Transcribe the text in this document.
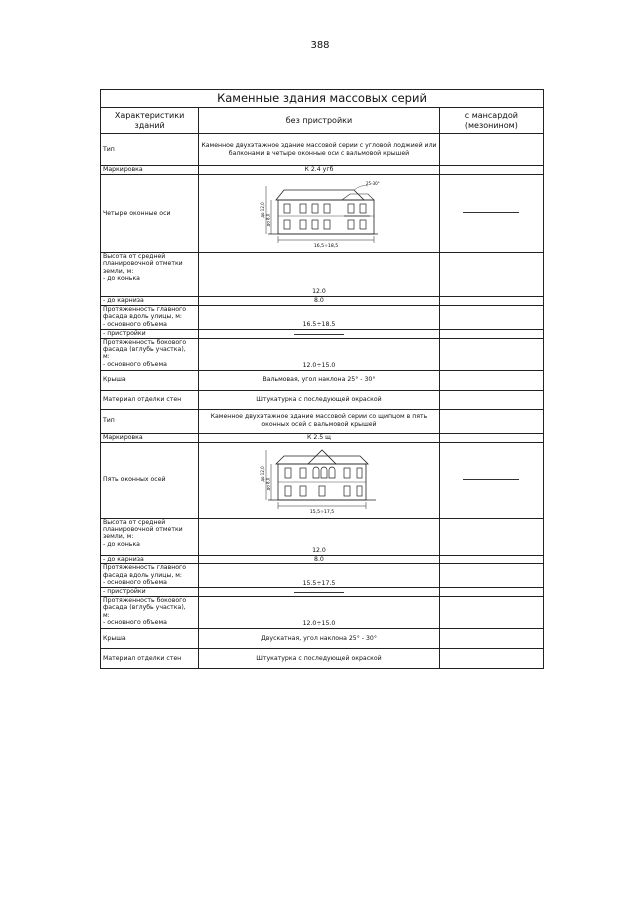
388
Каменные здания массовых серий		
Характеристики зданий	без пристройки	с мансардой (мезонином)
Тип	Каменное двухэтажное здание массовой серии с угловой лоджией или балконами в четыре оконные оси с вальмовой крышей	
Маркировка	К 2.4 угб	
Четыре оконные оси	16,5÷18,5
до 12,0
до 8,0
25-30°	

Высота от средней
планировочной отметки
земли, м:
- до конька	12.0	
- до карниза	8.0	

Протяженность главного
фасада вдоль улицы, м:
- основного объема	16.5÷18.5	
- пристройки		

Протяженность бокового
фасада (вглубь участка),
м:
- основного объема	12.0÷15.0	
Крыша	Вальмовая, угол наклона 25° - 30°	
Материал отделки стен	Штукатурка с последующей окраской	
Тип	Каменное двухэтажное здание массовой серии со щипцом в пять оконных осей с вальмовой крышей	
Маркировка	К 2.5 щ	
Пять оконных осей	15,5÷17,5
до 12,0
до 8,0	

Высота от средней
планировочной отметки
земли, м:
- до конька	12.0	
- до карниза	8.0	

Протяженность главного
фасада вдоль улицы, м:
- основного объема	15.5÷17.5	
- пристройки		

Протяженность бокового
фасада (вглубь участка),
м:
- основного объема	12.0÷15.0	
Крыша	Двускатная, угол наклона 25° - 30°	
Материал отделки стен	Штукатурка с последующей окраской	
